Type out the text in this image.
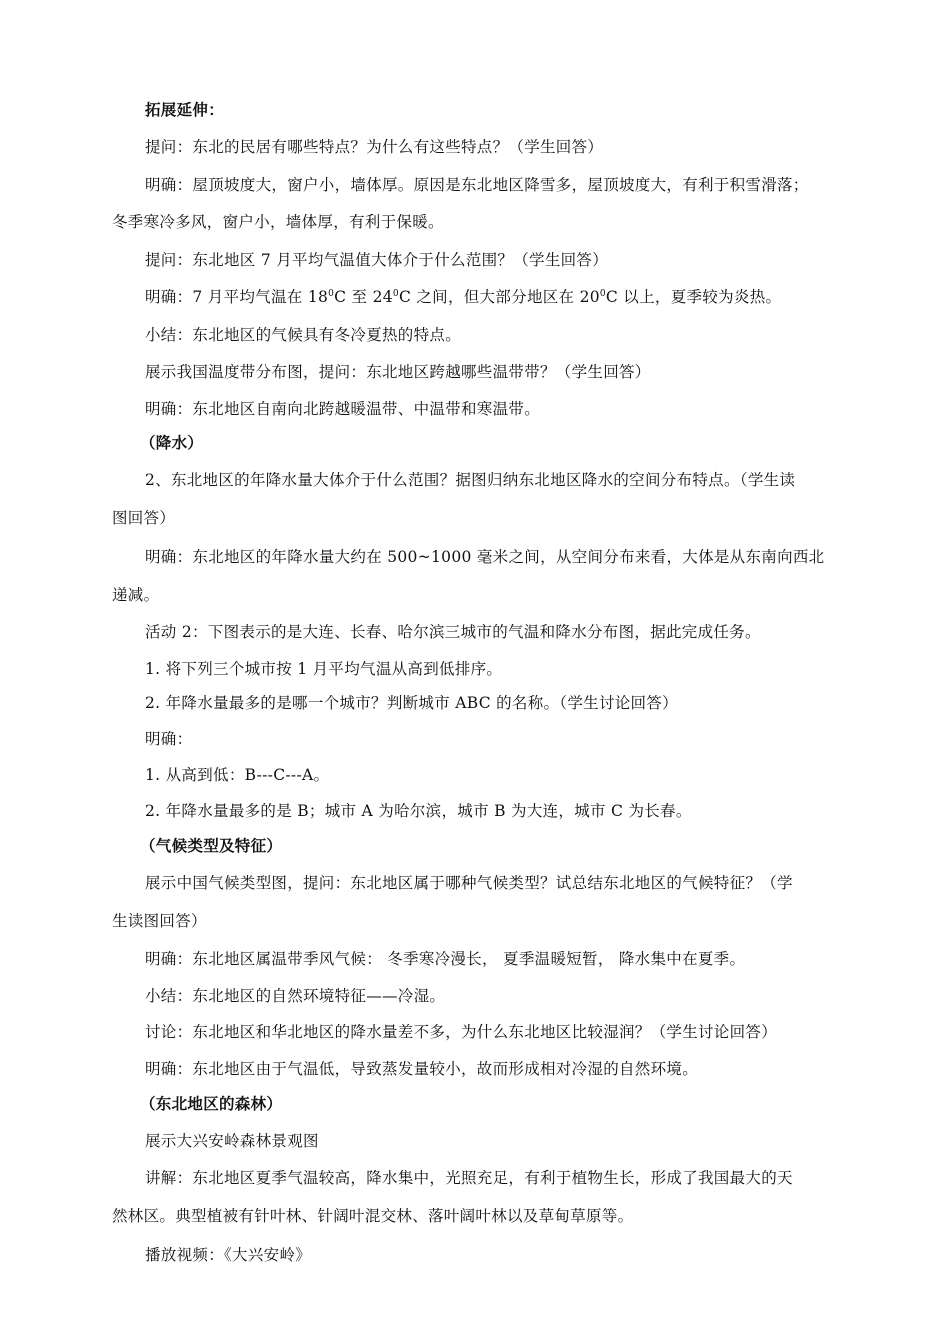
拓展延伸：
提问：东北的民居有哪些特点？为什么有这些特点？（学生回答）
明确：屋顶坡度大，窗户小，墙体厚。原因是东北地区降雪多，屋顶坡度大，有利于积雪滑落；
冬季寒冷多风，窗户小，墙体厚，有利于保暖。
提问：东北地区 7 月平均气温值大体介于什么范围？（学生回答）
明确：7 月平均气温在 $18^0C$ 至 $24^0C$ 之间，但大部分地区在 $20^0C$ 以上，夏季较为炎热。
小结：东北地区的气候具有冬冷夏热的特点。
展示我国温度带分布图，提问：东北地区跨越哪些温带带？（学生回答）
明确：东北地区自南向北跨越暖温带、中温带和寒温带。
（降水）
2、东北地区的年降水量大体介于什么范围？据图归纳东北地区降水的空间分布特点。（学生读
图回答）
明确：东北地区的年降水量大约在 500~1000 毫米之间，从空间分布来看，大体是从东南向西北
递减。
活动 2：下图表示的是大连、长春、哈尔滨三城市的气温和降水分布图，据此完成任务。
1. 将下列三个城市按 1 月平均气温从高到低排序。
2. 年降水量最多的是哪一个城市？判断城市 ABC 的名称。（学生讨论回答）
明确：
1. 从高到低：B---C---A。
2. 年降水量最多的是 B；城市 A 为哈尔滨，城市 B 为大连，城市 C 为长春。
（气候类型及特征）
展示中国气候类型图，提问：东北地区属于哪种气候类型？试总结东北地区的气候特征？（学
生读图回答）
明确：东北地区属温带季风气候： 冬季寒冷漫长， 夏季温暖短暂， 降水集中在夏季。
小结：东北地区的自然环境特征——冷湿。
讨论：东北地区和华北地区的降水量差不多，为什么东北地区比较湿润？（学生讨论回答）
明确：东北地区由于气温低，导致蒸发量较小，故而形成相对冷湿的自然环境。
（东北地区的森林）
展示大兴安岭森林景观图
讲解：东北地区夏季气温较高，降水集中，光照充足，有利于植物生长，形成了我国最大的天
然林区。典型植被有针叶林、针阔叶混交林、落叶阔叶林以及草甸草原等。
播放视频：《大兴安岭》
